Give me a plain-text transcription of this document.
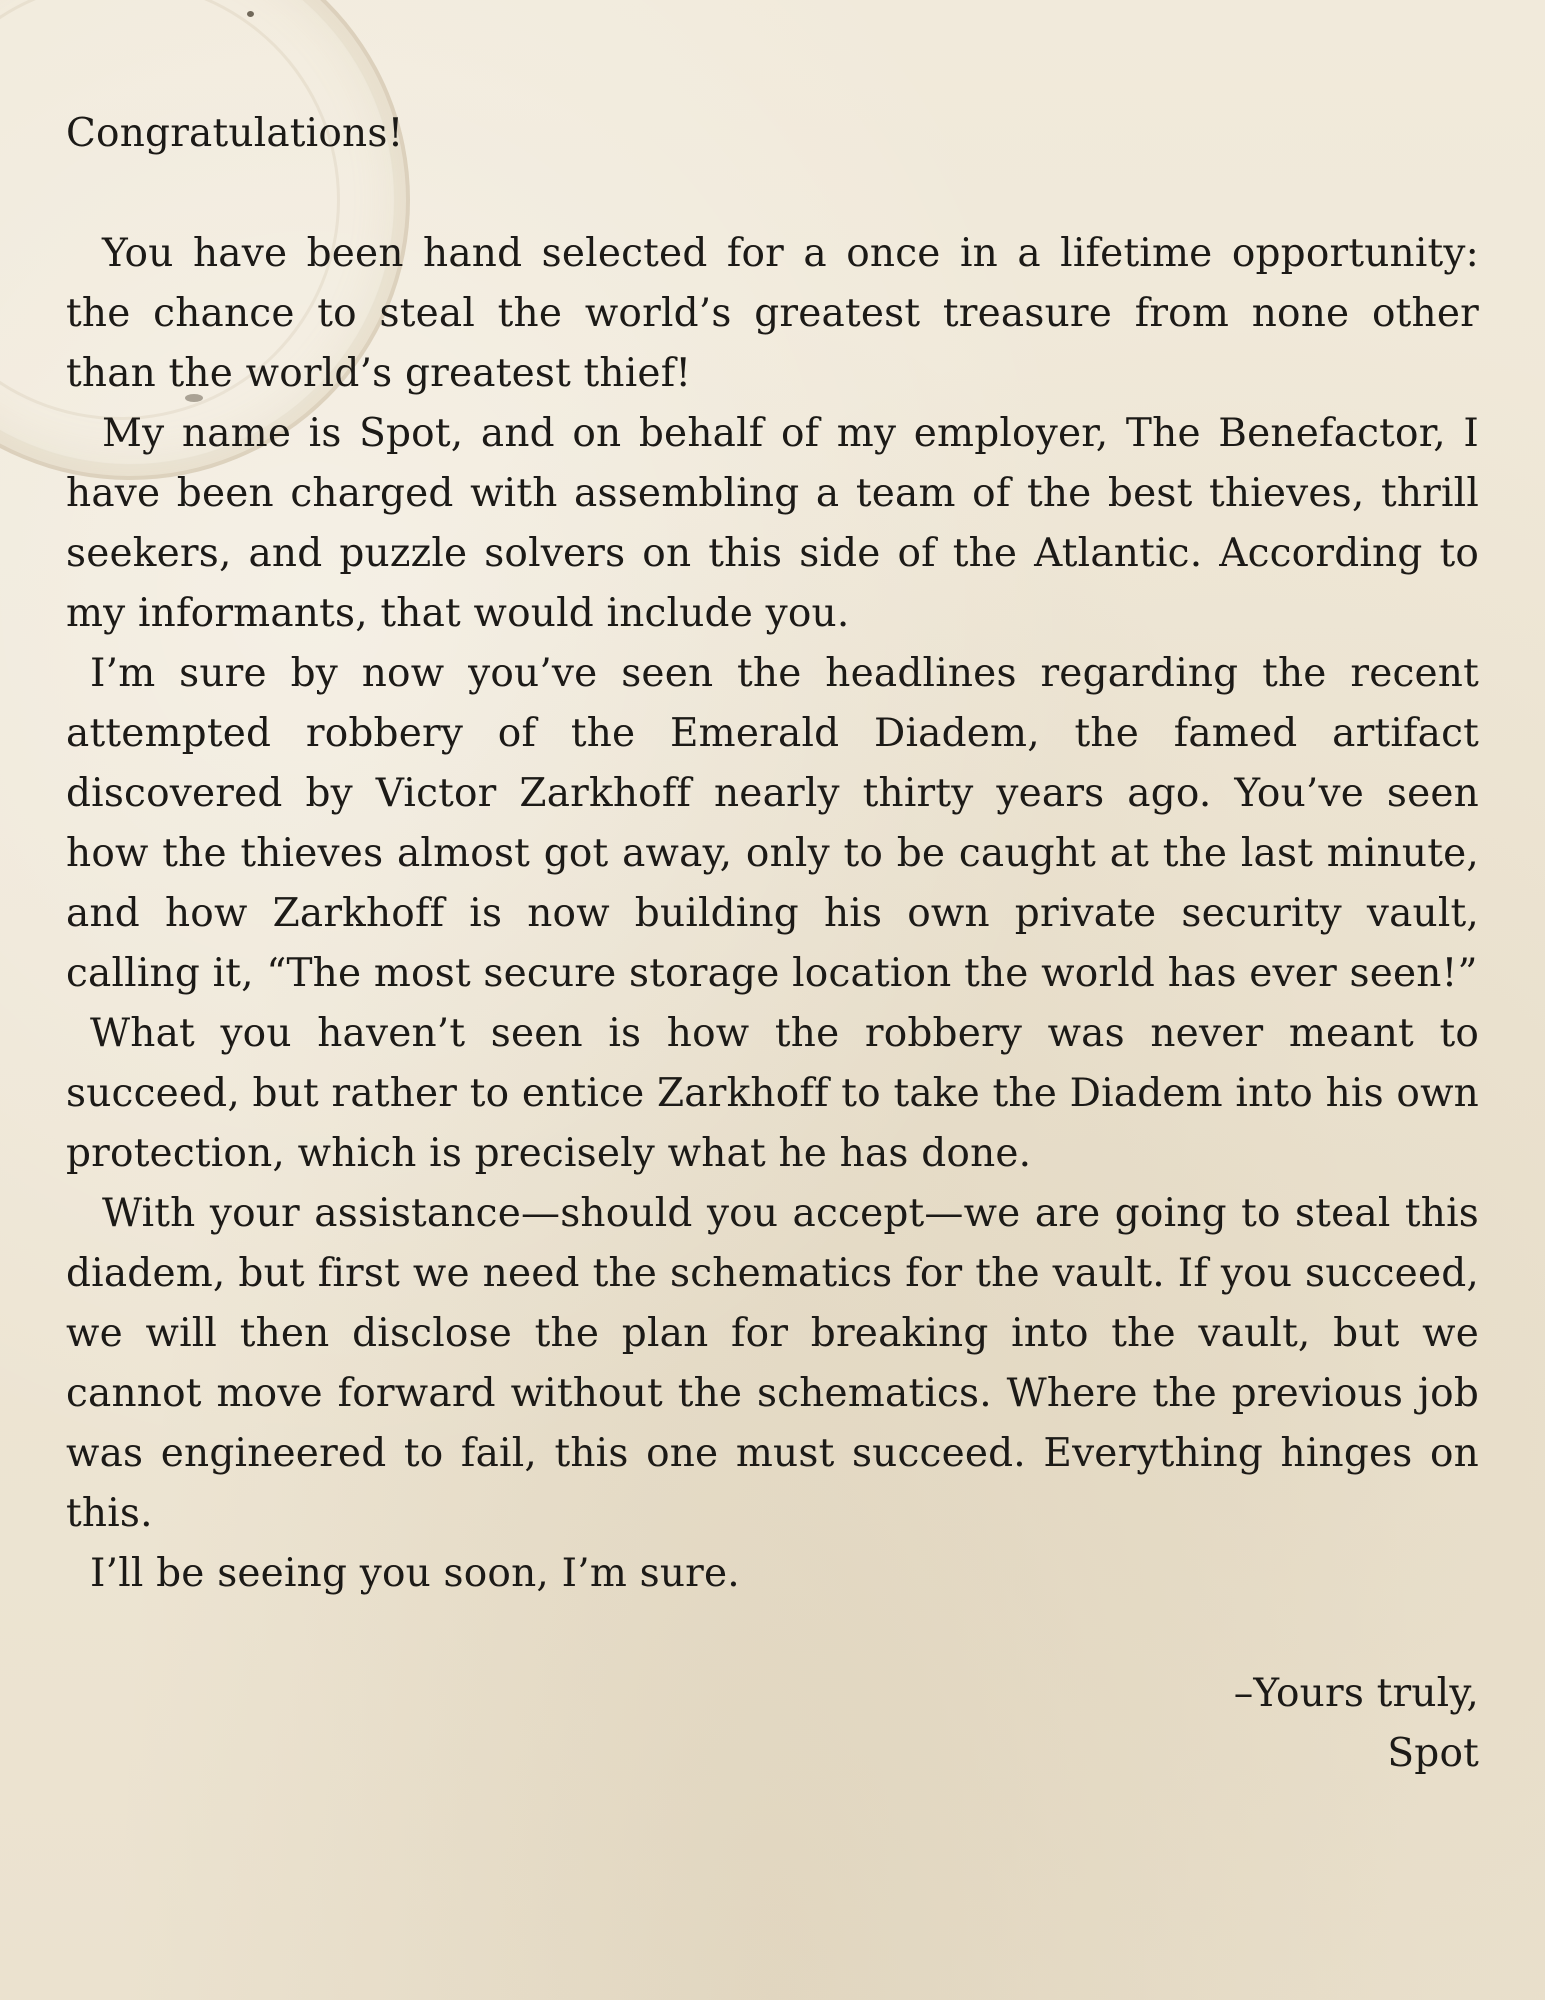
Congratulations!

You have been hand selected for a once in a lifetime opportunity: the chance to steal the world’s greatest treasure from none other than the world’s greatest thief!

My name is Spot, and on behalf of my employer, The Benefactor, I have been charged with assembling a team of the best thieves, thrill seekers, and puzzle solvers on this side of the Atlantic. According to my informants, that would include you.

I’m sure by now you’ve seen the headlines regarding the recent attempted robbery of the Emerald Diadem, the famed artifact discovered by Victor Zarkhoff nearly thirty years ago. You’ve seen how the thieves almost got away, only to be caught at the last minute, and how Zarkhoff is now building his own private security vault, calling it, “The most secure storage location the world has ever seen!”

What you haven’t seen is how the robbery was never meant to succeed, but rather to entice Zarkhoff to take the Diadem into his own protection, which is precisely what he has done.

With your assistance—should you accept—we are going to steal this diadem, but first we need the schematics for the vault. If you succeed, we will then disclose the plan for breaking into the vault, but we cannot move forward without the schematics. Where the previous job was engineered to fail, this one must succeed. Everything hinges on this.

I’ll be seeing you soon, I’m sure.

–Yours truly,
Spot
